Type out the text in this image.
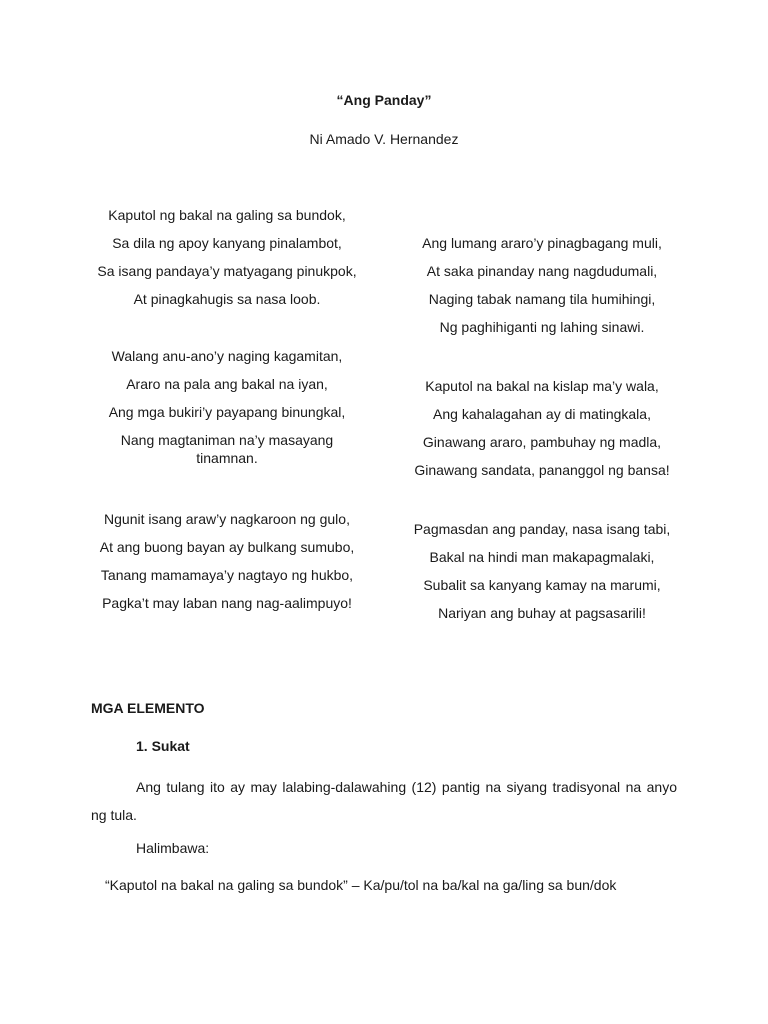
“Ang Panday”
Ni Amado V. Hernandez
Kaputol ng bakal na galing sa bundok,
Sa dila ng apoy kanyang pinalambot,
Sa isang pandaya’y matyagang pinukpok,
At pinagkahugis sa nasa loob.
Walang anu-ano’y naging kagamitan,
Araro na pala ang bakal na iyan,
Ang mga bukiri’y payapang binungkal,
Nang magtaniman na’y masayang tinamnan.
Ngunit isang araw’y nagkaroon ng gulo,
At ang buong bayan ay bulkang sumubo,
Tanang mamamaya’y nagtayo ng hukbo,
Pagka’t may laban nang nag-aalimpuyo!
Ang lumang araro’y pinagbagang muli,
At saka pinanday nang nagdudumali,
Naging tabak namang tila humihingi,
Ng paghihiganti ng lahing sinawi.
Kaputol na bakal na kislap ma’y wala,
Ang kahalagahan ay di matingkala,
Ginawang araro, pambuhay ng madla,
Ginawang sandata, pananggol ng bansa!
Pagmasdan ang panday, nasa isang tabi,
Bakal na hindi man makapagmalaki,
Subalit sa kanyang kamay na marumi,
Nariyan ang buhay at pagsasarili!
MGA ELEMENTO
1. Sukat
Ang tulang ito ay may lalabing-dalawahing (12) pantig na siyang tradisyonal na anyo ng tula.
Halimbawa:
“Kaputol na bakal na galing sa bundok” – Ka/pu/tol na ba/kal na ga/ling sa bun/dok
